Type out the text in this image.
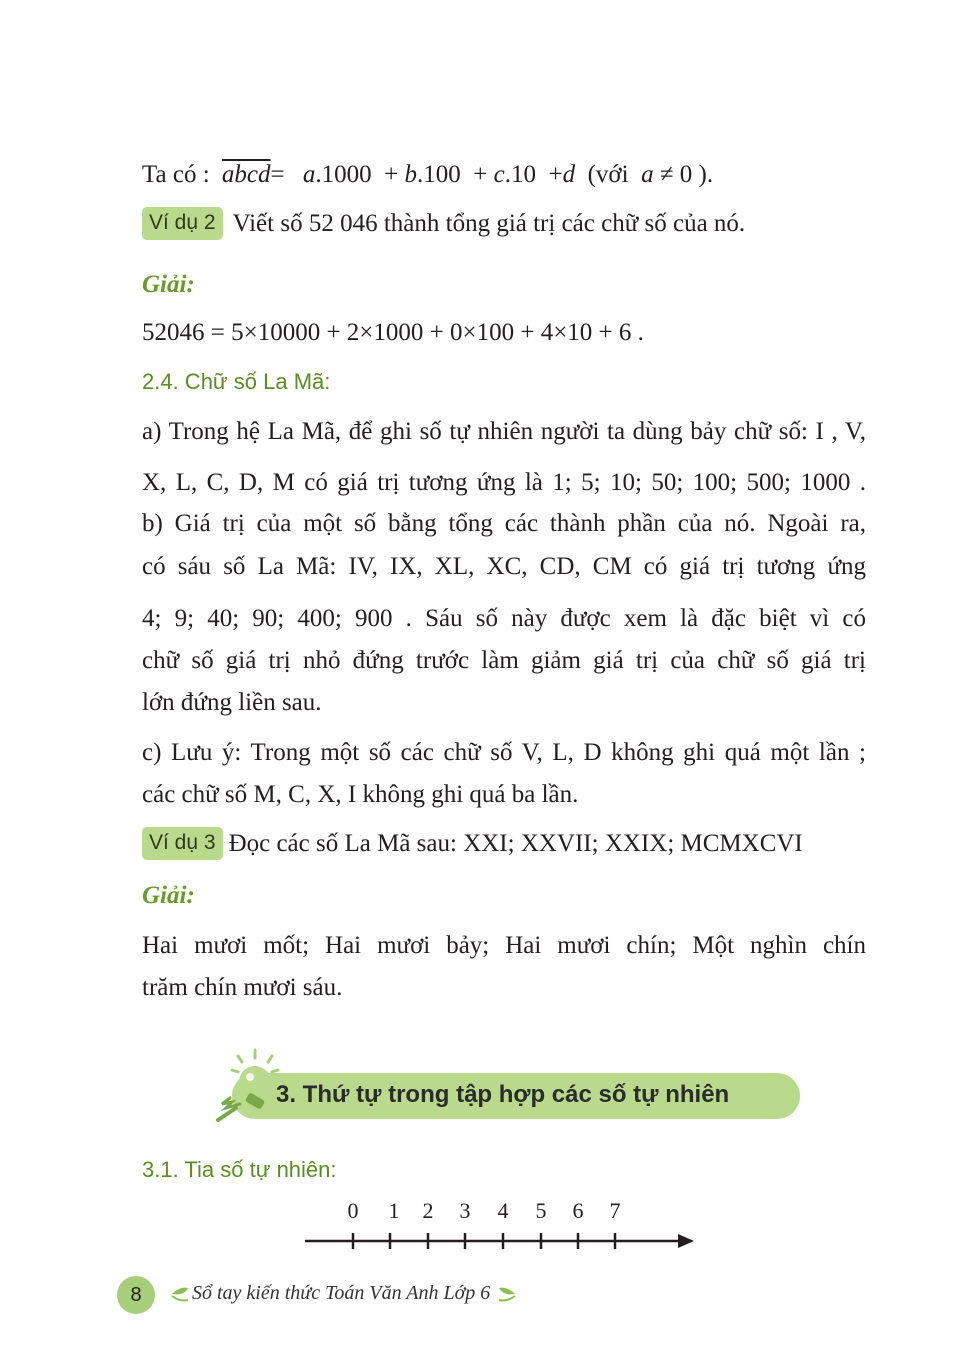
Ta có : abcd= a.1000  + b.100  + c.10  +d (với a ≠ 0 ).
Ví dụ 2 Viết số 52 046 thành tổng giá trị các chữ số của nó.
Giải:
52046 = 5×10000 + 2×1000 + 0×100 + 4×10 + 6 .
2.4. Chữ số La Mã:
a) Trong hệ La Mã, để ghi số tự nhiên người ta dùng bảy chữ số: I , V,
X, L, C, D, M có giá trị tương ứng là 1; 5; 10; 50; 100; 500; 1000 .
b) Giá trị của một số bằng tổng các thành phần của nó. Ngoài ra,
có sáu số La Mã: IV, IX, XL, XC, CD, CM có giá trị tương ứng
4; 9; 40; 90; 400; 900 . Sáu số này được xem là đặc biệt vì có
chữ số giá trị nhỏ đứng trước làm giảm giá trị của chữ số giá trị
lớn đứng liền sau.
c) Lưu ý: Trong một số các chữ số V, L, D không ghi quá một lần ;
các chữ số M, C, X, I không ghi quá ba lần.
Ví dụ 3 Đọc các số La Mã sau: XXI; XXVII; XXIX; MCMXCVI
Giải:
Hai mươi mốt; Hai mươi bảy; Hai mươi chín; Một nghìn chín
trăm chín mươi sáu.
3. Thứ tự trong tập hợp các số tự nhiên
3.1. Tia số tự nhiên:
0 1 2 3 4 5 6 7
8	Sổ tay kiến thức Toán Văn Anh Lớp 6
